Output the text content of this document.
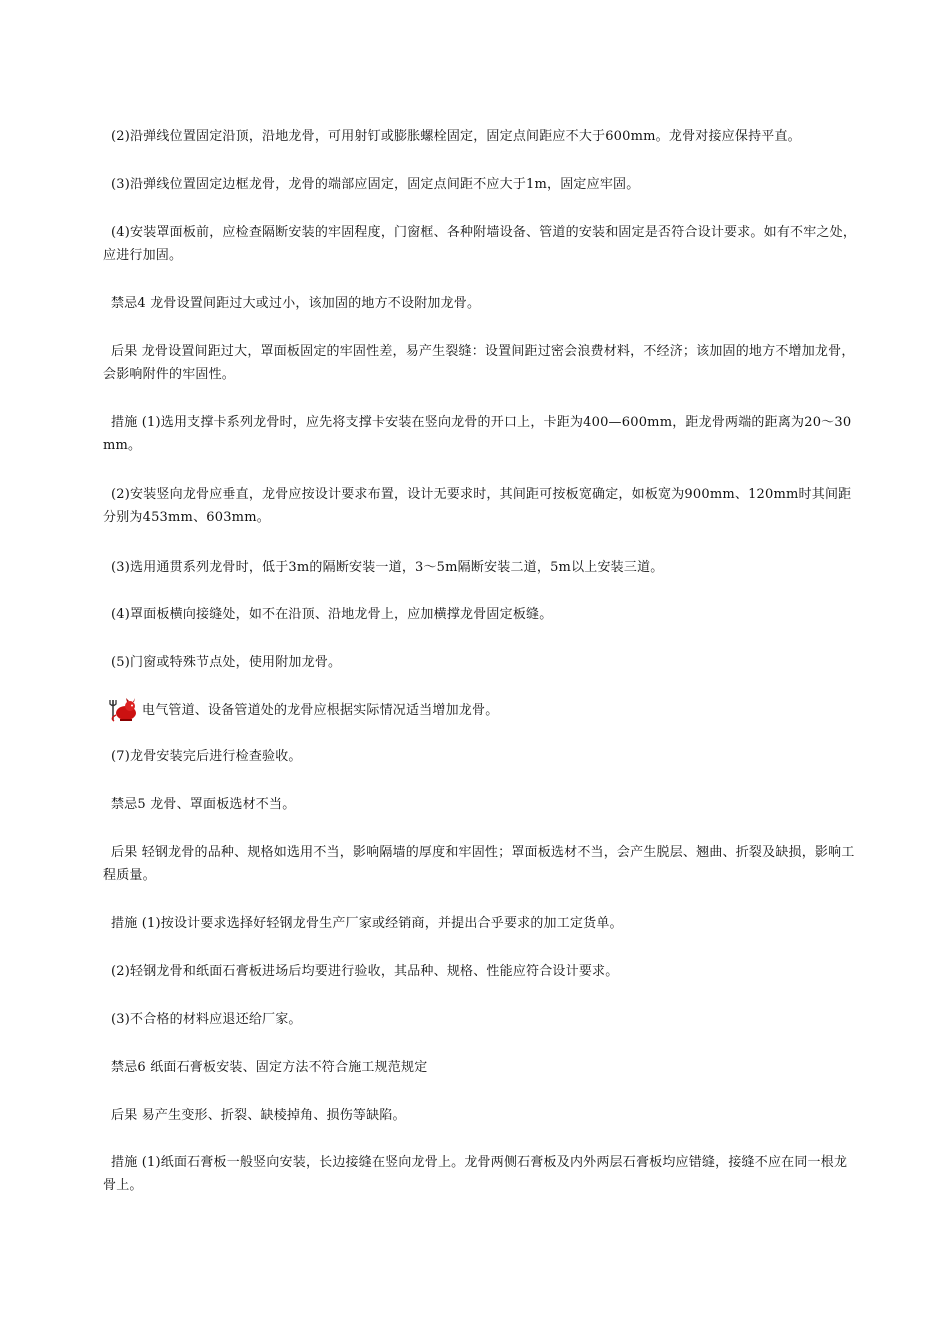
(2)沿弹线位置固定沿顶，沿地龙骨，可用射钉或膨胀螺栓固定，固定点间距应不大于600mm。龙骨对接应保持平直。

(3)沿弹线位置固定边框龙骨，龙骨的端部应固定，固定点间距不应大于1m，固定应牢固。

(4)安装罩面板前，应检查隔断安装的牢固程度，门窗框、各种附墙设备、管道的安装和固定是否符合设计要求。如有不牢之处，应进行加固。

禁忌4 龙骨设置间距过大或过小，该加固的地方不设附加龙骨。

后果 龙骨设置间距过大，罩面板固定的牢固性差，易产生裂缝：设置间距过密会浪费材料，不经济；该加固的地方不增加龙骨，会影响附件的牢固性。

措施 (1)选用支撑卡系列龙骨时，应先将支撑卡安装在竖向龙骨的开口上，卡距为400—600mm，距龙骨两端的距离为20～30mm。

(2)安装竖向龙骨应垂直，龙骨应按设计要求布置，设计无要求时，其间距可按板宽确定，如板宽为900mm、120mm时其间距分别为453mm、603mm。

(3)选用通贯系列龙骨时，低于3m的隔断安装一道，3～5m隔断安装二道，5m以上安装三道。

(4)罩面板横向接缝处，如不在沿顶、沿地龙骨上，应加横撑龙骨固定板缝。

(5)门窗或特殊节点处，使用附加龙骨。

电气管道、设备管道处的龙骨应根据实际情况适当增加龙骨。

(7)龙骨安装完后进行检查验收。

禁忌5 龙骨、罩面板选材不当。

后果 轻钢龙骨的品种、规格如选用不当，影响隔墙的厚度和牢固性；罩面板选材不当，会产生脱层、翘曲、折裂及缺损，影响工程质量。

措施 (1)按设计要求选择好轻钢龙骨生产厂家或经销商，并提出合乎要求的加工定货单。

(2)轻钢龙骨和纸面石膏板进场后均要进行验收，其品种、规格、性能应符合设计要求。

(3)不合格的材料应退还给厂家。

禁忌6 纸面石膏板安装、固定方法不符合施工规范规定

后果 易产生变形、折裂、缺棱掉角、损伤等缺陷。

措施 (1)纸面石膏板一般竖向安装，长边接缝在竖向龙骨上。龙骨两侧石膏板及内外两层石膏板均应错缝，接缝不应在同一根龙骨上。
